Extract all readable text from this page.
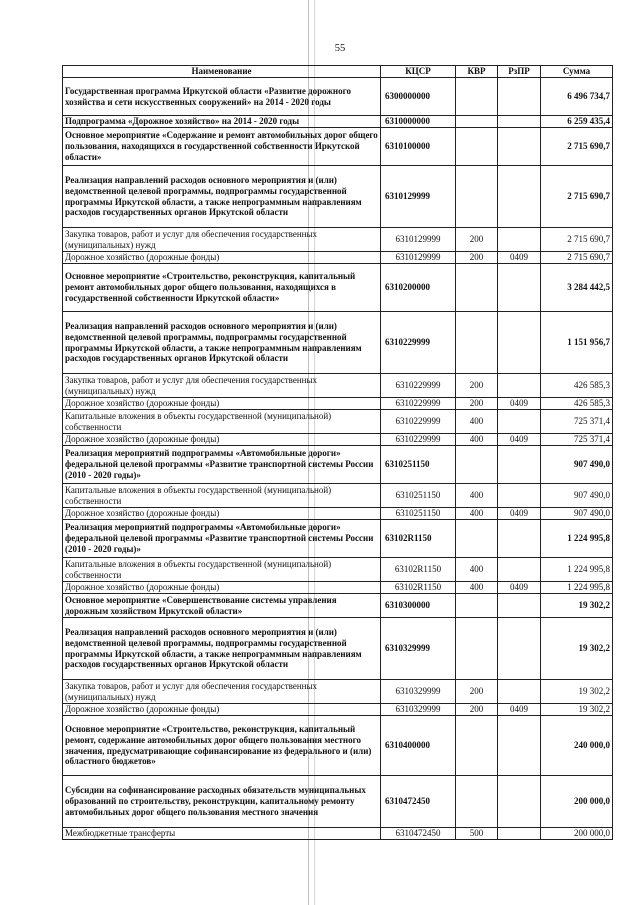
55
Наименование	КЦСР	КВР	РзПР	Сумма
Государственная программа Иркутской области «Развитие дорожного хозяйства и сети искусственных сооружений» на 2014 - 2020 годы	6300000000			6 496 734,7
Подпрограмма «Дорожное хозяйство» на 2014 - 2020 годы	6310000000			6 259 435,4
Основное мероприятие «Содержание и ремонт автомобильных дорог общего пользования, находящихся в государственной собственности Иркутской области»	6310100000			2 715 690,7
Реализация направлений расходов основного мероприятия и (или) ведомственной целевой программы, подпрограммы государственной программы Иркутской области, а также непрограммным направлениям расходов государственных органов Иркутской области	6310129999			2 715 690,7
Закупка товаров, работ и услуг для обеспечения государственных (муниципальных) нужд	6310129999	200		2 715 690,7
Дорожное хозяйство (дорожные фонды)	6310129999	200	0409	2 715 690,7
Основное мероприятие «Строительство, реконструкция, капитальный ремонт автомобильных дорог общего пользования, находящихся в государственной собственности Иркутской области»	6310200000			3 284 442,5
Реализация направлений расходов основного мероприятия и (или) ведомственной целевой программы, подпрограммы государственной программы Иркутской области, а также непрограммным направлениям расходов государственных органов Иркутской области	6310229999			1 151 956,7
Закупка товаров, работ и услуг для обеспечения государственных (муниципальных) нужд	6310229999	200		426 585,3
Дорожное хозяйство (дорожные фонды)	6310229999	200	0409	426 585,3
Капитальные вложения в объекты государственной (муниципальной) собственности	6310229999	400		725 371,4
Дорожное хозяйство (дорожные фонды)	6310229999	400	0409	725 371,4
Реализация мероприятий подпрограммы «Автомобильные дороги» федеральной целевой программы «Развитие транспортной системы России (2010 - 2020 годы)»	6310251150			907 490,0
Капитальные вложения в объекты государственной (муниципальной) собственности	6310251150	400		907 490,0
Дорожное хозяйство (дорожные фонды)	6310251150	400	0409	907 490,0
Реализация мероприятий подпрограммы «Автомобильные дороги» федеральной целевой программы «Развитие транспортной системы России (2010 - 2020 годы)»	63102R1150			1 224 995,8
Капитальные вложения в объекты государственной (муниципальной) собственности	63102R1150	400		1 224 995,8
Дорожное хозяйство (дорожные фонды)	63102R1150	400	0409	1 224 995,8
Основное мероприятие «Совершенствование системы управления дорожным хозяйством Иркутской области»	6310300000			19 302,2
Реализация направлений расходов основного мероприятия и (или) ведомственной целевой программы, подпрограммы государственной программы Иркутской области, а также непрограммным направлениям расходов государственных органов Иркутской области	6310329999			19 302,2
Закупка товаров, работ и услуг для обеспечения государственных (муниципальных) нужд	6310329999	200		19 302,2
Дорожное хозяйство (дорожные фонды)	6310329999	200	0409	19 302,2
Основное мероприятие «Строительство, реконструкция, капитальный ремонт, содержание автомобильных дорог общего пользования местного значения, предусматривающие софинансирование из федерального и (или) областного бюджетов»	6310400000			240 000,0
Субсидии на софинансирование расходных обязательств муниципальных образований по строительству, реконструкции, капитальному ремонту автомобильных дорог общего пользования местного значения	6310472450			200 000,0
Межбюджетные трансферты	6310472450	500		200 000,0
